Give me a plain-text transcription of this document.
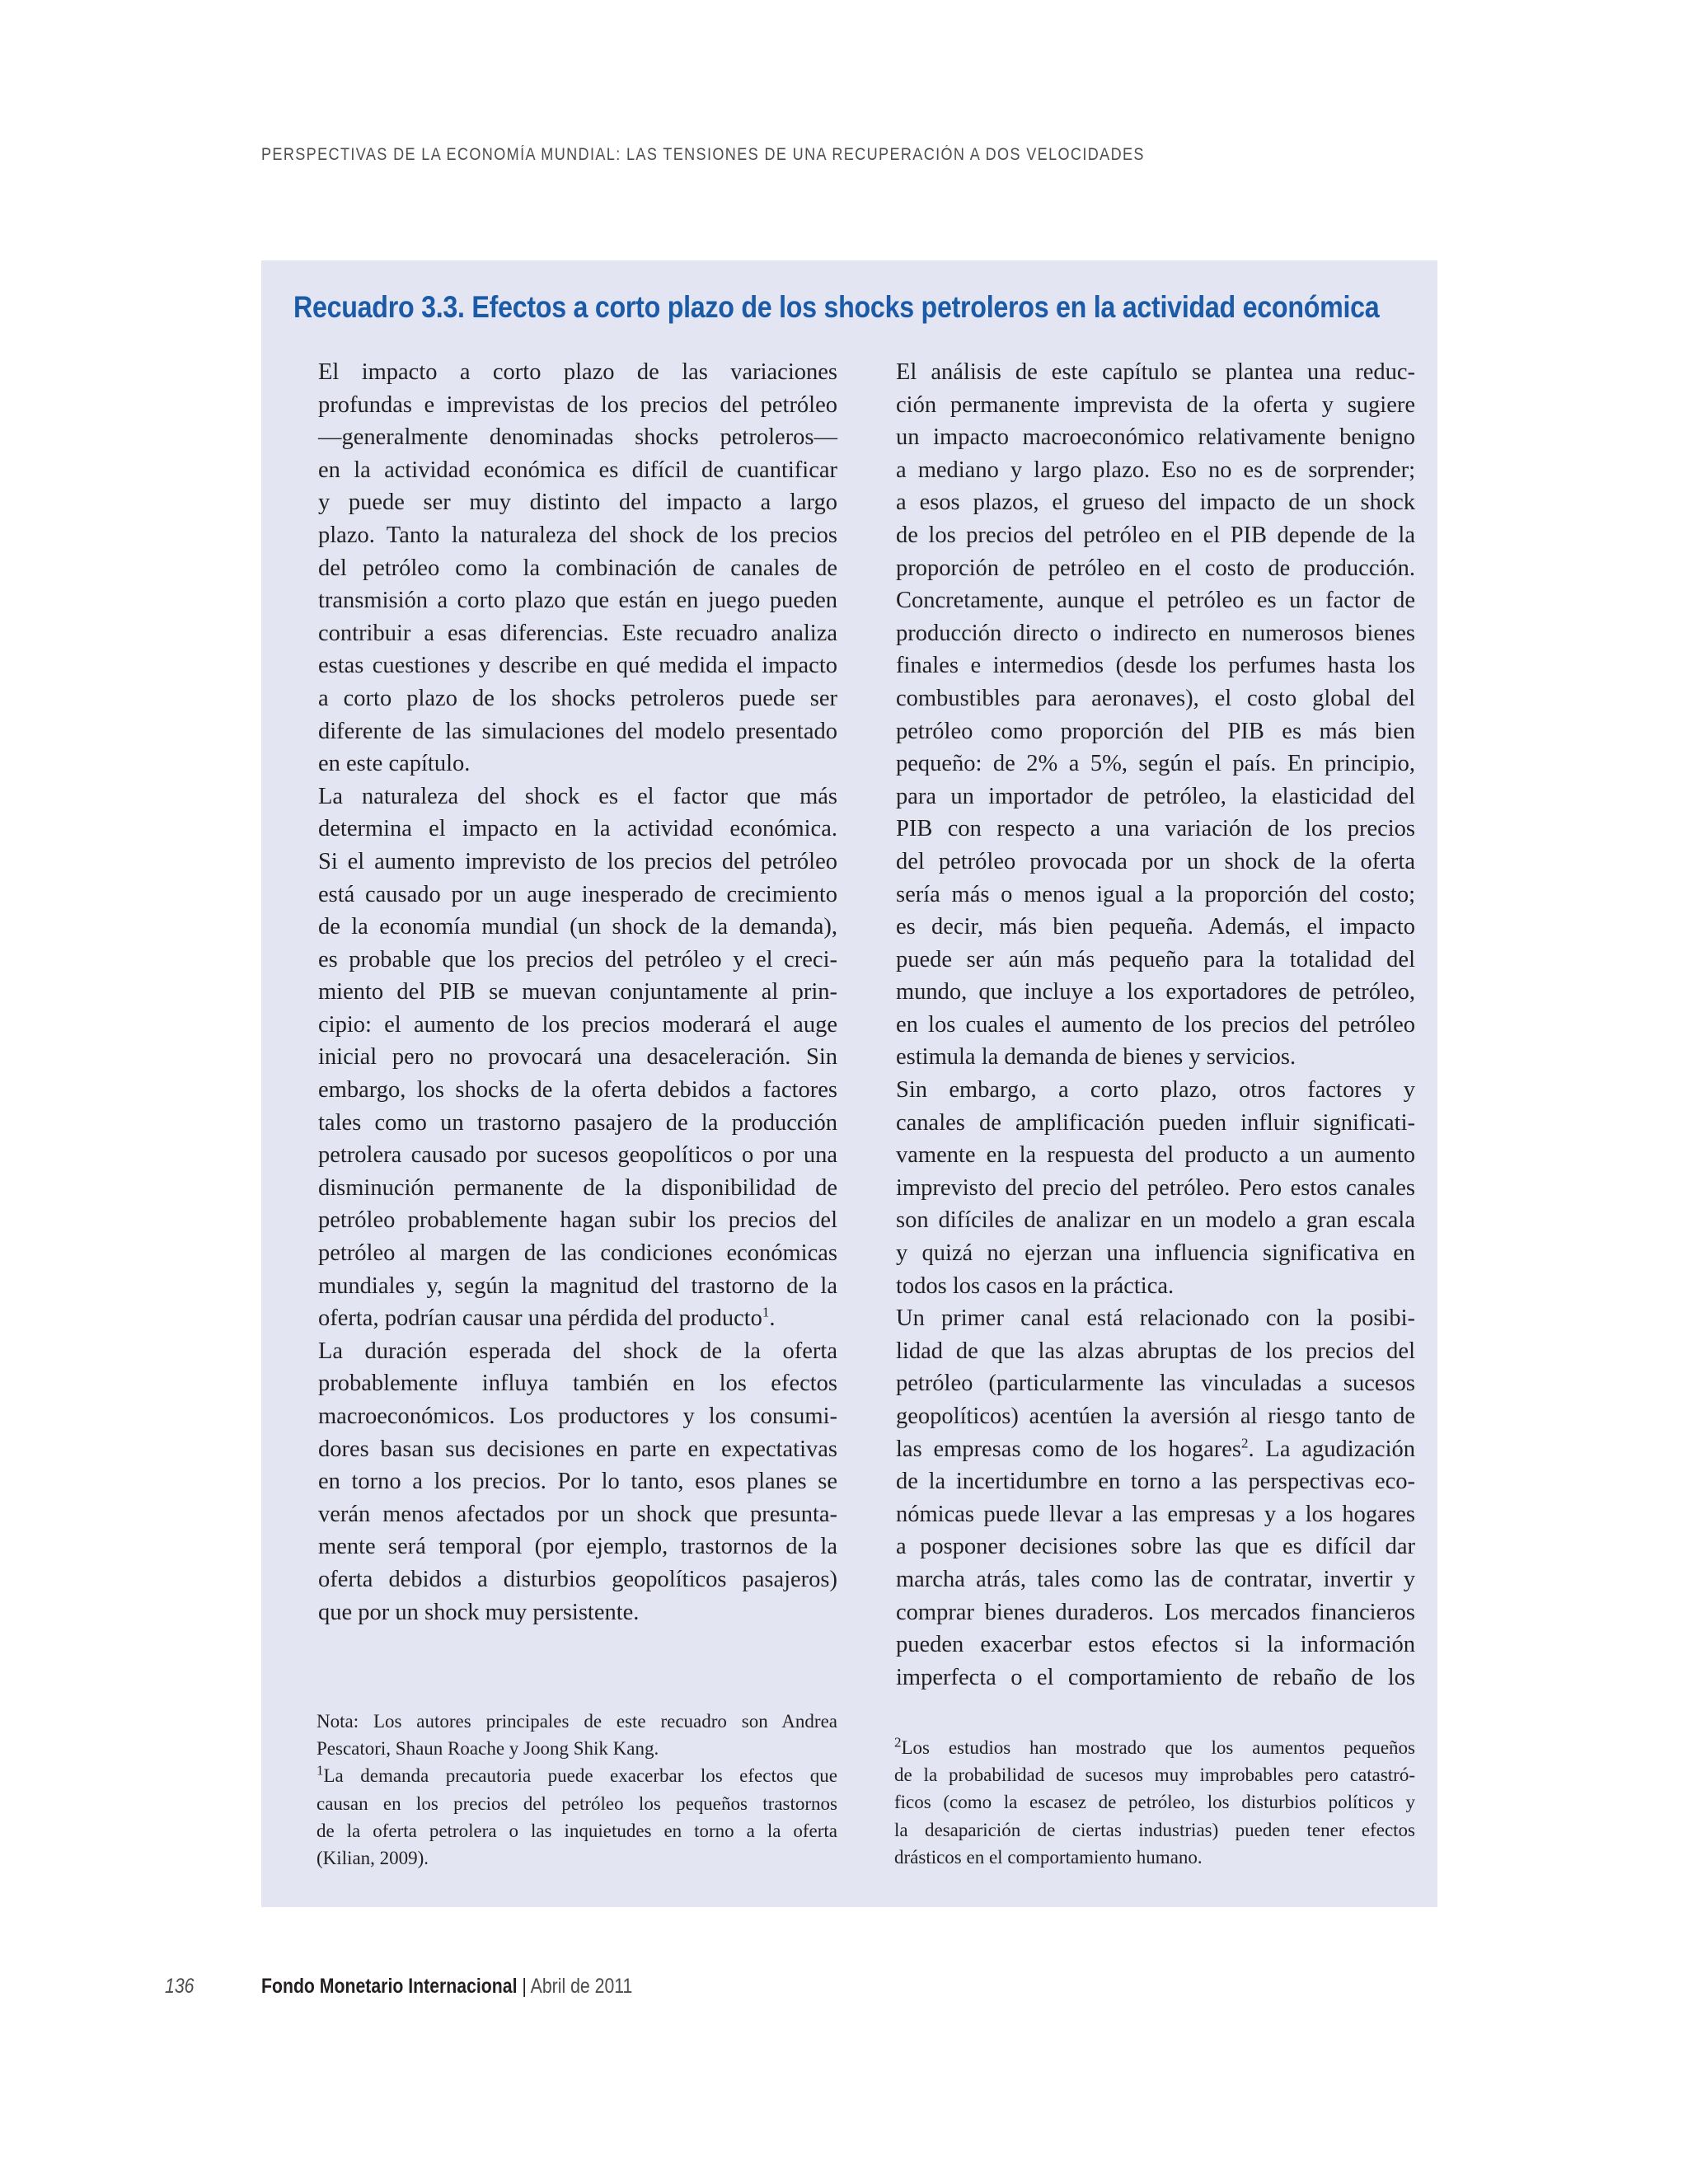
PERSPECTIVAS DE LA ECONOMÍA MUNDIAL: LAS TENSIONES DE UNA RECUPERACIÓN A DOS VELOCIDADES
Recuadro 3.3. Efectos a corto plazo de los shocks petroleros en la actividad económica

El impacto a corto plazo de las variaciones
profundas e imprevistas de los precios del petróleo
—generalmente denominadas shocks petroleros—
en la actividad económica es difícil de cuantificar
y puede ser muy distinto del impacto a largo
plazo. Tanto la naturaleza del shock de los precios
del petróleo como la combinación de canales de
transmisión a corto plazo que están en juego pueden
contribuir a esas diferencias. Este recuadro analiza
estas cuestiones y describe en qué medida el impacto
a corto plazo de los shocks petroleros puede ser
diferente de las simulaciones del modelo presentado
en este capítulo.

La naturaleza del shock es el factor que más
determina el impacto en la actividad económica.
Si el aumento imprevisto de los precios del petróleo
está causado por un auge inesperado de crecimiento
de la economía mundial (un shock de la demanda),
es probable que los precios del petróleo y el creci-
miento del PIB se muevan conjuntamente al prin-
cipio: el aumento de los precios moderará el auge
inicial pero no provocará una desaceleración. Sin
embargo, los shocks de la oferta debidos a factores
tales como un trastorno pasajero de la producción
petrolera causado por sucesos geopolíticos o por una
disminución permanente de la disponibilidad de
petróleo probablemente hagan subir los precios del
petróleo al margen de las condiciones económicas
mundiales y, según la magnitud del trastorno de la
oferta, podrían causar una pérdida del producto$^1$.

La duración esperada del shock de la oferta
probablemente influya también en los efectos
macroeconómicos. Los productores y los consumi-
dores basan sus decisiones en parte en expectativas
en torno a los precios. Por lo tanto, esos planes se
verán menos afectados por un shock que presunta-
mente será temporal (por ejemplo, trastornos de la
oferta debidos a disturbios geopolíticos pasajeros)
que por un shock muy persistente.

El análisis de este capítulo se plantea una reduc-
ción permanente imprevista de la oferta y sugiere
un impacto macroeconómico relativamente benigno
a mediano y largo plazo. Eso no es de sorprender;
a esos plazos, el grueso del impacto de un shock
de los precios del petróleo en el PIB depende de la
proporción de petróleo en el costo de producción.
Concretamente, aunque el petróleo es un factor de
producción directo o indirecto en numerosos bienes
finales e intermedios (desde los perfumes hasta los
combustibles para aeronaves), el costo global del
petróleo como proporción del PIB es más bien
pequeño: de 2% a 5%, según el país. En principio,
para un importador de petróleo, la elasticidad del
PIB con respecto a una variación de los precios
del petróleo provocada por un shock de la oferta
sería más o menos igual a la proporción del costo;
es decir, más bien pequeña. Además, el impacto
puede ser aún más pequeño para la totalidad del
mundo, que incluye a los exportadores de petróleo,
en los cuales el aumento de los precios del petróleo
estimula la demanda de bienes y servicios.

Sin embargo, a corto plazo, otros factores y
canales de amplificación pueden influir significati-
vamente en la respuesta del producto a un aumento
imprevisto del precio del petróleo. Pero estos canales
son difíciles de analizar en un modelo a gran escala
y quizá no ejerzan una influencia significativa en
todos los casos en la práctica.

Un primer canal está relacionado con la posibi-
lidad de que las alzas abruptas de los precios del
petróleo (particularmente las vinculadas a sucesos
geopolíticos) acentúen la aversión al riesgo tanto de
las empresas como de los hogares$^2$. La agudización
de la incertidumbre en torno a las perspectivas eco-
nómicas puede llevar a las empresas y a los hogares
a posponer decisiones sobre las que es difícil dar
marcha atrás, tales como las de contratar, invertir y
comprar bienes duraderos. Los mercados financieros
pueden exacerbar estos efectos si la información
imperfecta o el comportamiento de rebaño de los

Nota: Los autores principales de este recuadro son Andrea
Pescatori, Shaun Roache y Joong Shik Kang.

$^1$La demanda precautoria puede exacerbar los efectos que
causan en los precios del petróleo los pequeños trastornos
de la oferta petrolera o las inquietudes en torno a la oferta
(Kilian, 2009).

$^2$Los estudios han mostrado que los aumentos pequeños
de la probabilidad de sucesos muy improbables pero catastró-
ficos (como la escasez de petróleo, los disturbios políticos y
la desaparición de ciertas industrias) pueden tener efectos
drásticos en el comportamiento humano.

136	Fondo Monetario Internacional | Abril de 2011
